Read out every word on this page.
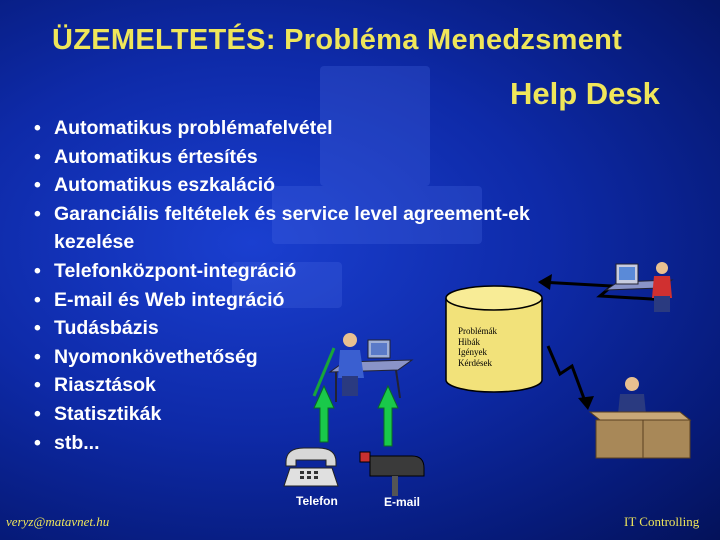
ÜZEMELTETÉS: Probléma Menedzsment
Help Desk
• Automatikus problémafelvétel
• Automatikus értesítés
• Automatikus eszkaláció
• Garanciális feltételek és service level agreement-ek
kezelése
• Telefonközpont-integráció
• E-mail és Web integráció
• Tudásbázis
• Nyomonkövethetőség
• Riasztások
• Statisztikák
• stb...
Problémák
Hibák
Igények
Kérdések
Telefon	E-mail
veryz@matavnet.hu	IT Controlling
